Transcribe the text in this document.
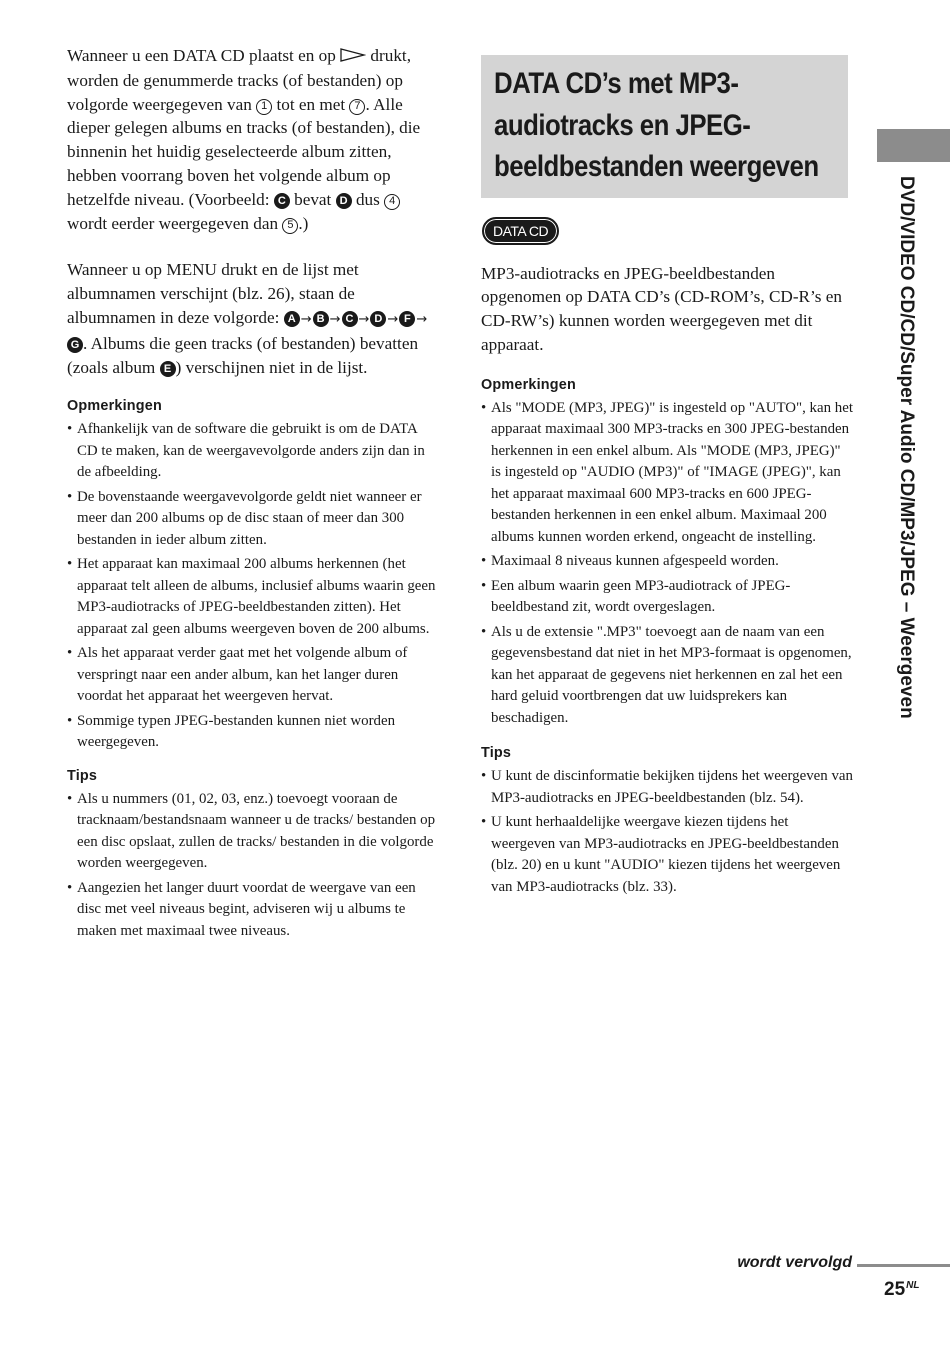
Wanneer u een DATA CD plaatst en op drukt, worden de genummerde tracks (of bestanden) op volgorde weergegeven van 1 tot en met 7 . Alle dieper gelegen albums en tracks (of bestanden), die binnenin het huidig geselecteerde album zitten, hebben voorrang boven het volgende album op hetzelfde niveau. (Voorbeeld: C bevat D dus 4 wordt eerder weergegeven dan 5 .)

Wanneer u op MENU drukt en de lijst met albumnamen verschijnt (blz. 26), staan de albumnamen in deze volgorde: A → B → C → D → F →G . Albums die geen tracks (of bestanden) bevatten (zoals album E ) verschijnen niet in de lijst.

Opmerkingen
• Afhankelijk van de software die gebruikt is om de DATA CD te maken, kan de weergavevolgorde anders zijn dan in de afbeelding.
• De bovenstaande weergavevolgorde geldt niet wanneer er meer dan 200 albums op de disc staan of meer dan 300 bestanden in ieder album zitten.
• Het apparaat kan maximaal 200 albums herkennen (het apparaat telt alleen de albums, inclusief albums waarin geen MP3-audiotracks of JPEG-beeldbestanden zitten). Het apparaat zal geen albums weergeven boven de 200 albums.
• Als het apparaat verder gaat met het volgende album of verspringt naar een ander album, kan het langer duren voordat het apparaat het weergeven hervat.
• Sommige typen JPEG-bestanden kunnen niet worden weergegeven.
Tips
• Als u nummers (01, 02, 03, enz.) toevoegt vooraan de tracknaam/bestandsnaam wanneer u de tracks/ bestanden op een disc opslaat, zullen de tracks/ bestanden in die volgorde worden weergegeven.
• Aangezien het langer duurt voordat de weergave van een disc met veel niveaus begint, adviseren wij u albums te maken met maximaal twee niveaus.
DATA CD’s met MP3-audiotracks en JPEG-beeldbestanden weergeven
DATA CD

MP3-audiotracks en JPEG-beeldbestanden opgenomen op DATA CD’s (CD-ROM’s, CD-R’s en CD-RW’s) kunnen worden weergegeven met dit apparaat.

Opmerkingen
• Als "MODE (MP3, JPEG)" is ingesteld op "AUTO", kan het apparaat maximaal 300 MP3-tracks en 300 JPEG-bestanden herkennen in een enkel album. Als "MODE (MP3, JPEG)" is ingesteld op "AUDIO (MP3)" of "IMAGE (JPEG)", kan het apparaat maximaal 600 MP3-tracks en 600 JPEG-bestanden herkennen in een enkel album. Maximaal 200 albums kunnen worden erkend, ongeacht de instelling.
• Maximaal 8 niveaus kunnen afgespeeld worden.
• Een album waarin geen MP3-audiotrack of JPEG-beeldbestand zit, wordt overgeslagen.
• Als u de extensie ".MP3" toevoegt aan de naam van een gegevensbestand dat niet in het MP3-formaat is opgenomen, kan het apparaat de gegevens niet herkennen en zal het een hard geluid voortbrengen dat uw luidsprekers kan beschadigen.
Tips
• U kunt de discinformatie bekijken tijdens het weergeven van MP3-audiotracks en JPEG-beeldbestanden (blz. 54).
• U kunt herhaaldelijke weergave kiezen tijdens het weergeven van MP3-audiotracks en JPEG-beeldbestanden (blz. 20) en u kunt "AUDIO" kiezen tijdens het weergeven van MP3-audiotracks (blz. 33).
DVD/VIDEO CD/CD/Super Audio CD/MP3/JPEG – Weergeven
wordt vervolgd
$25^{NL}$
